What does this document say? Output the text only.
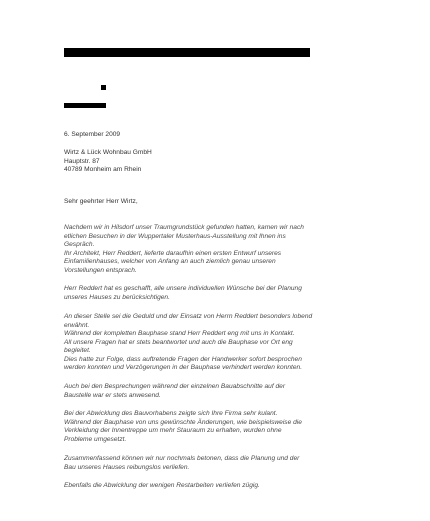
6. September 2009
Wirtz & Lück Wohnbau GmbH
Hauptstr. 87
40789 Monheim am Rhein
Sehr geehrter Herr Wirtz,
Nachdem wir in Hilsdorf unser Traumgrundstück gefunden hatten, kamen wir nach
etlichen Besuchen in der Wuppertaler Musterhaus-Ausstellung mit Ihnen ins
Gespräch.
Ihr Architekt, Herr Reddert, lieferte daraufhin einen ersten Entwurf unseres
Einfamilienhauses, welcher von Anfang an auch ziemlich genau unseren
Vorstellungen entsprach.
Herr Reddert hat es geschafft, alle unsere individuellen Wünsche bei der Planung
unseres Hauses zu berücksichtigen.
An dieser Stelle sei die Geduld und der Einsatz von Herrn Reddert besonders lobend
erwähnt.
Während der kompletten Bauphase stand Herr Reddert eng mit uns in Kontakt.
All unsere Fragen hat er stets beantwortet und auch die Bauphase vor Ort eng
begleitet.
Dies hatte zur Folge, dass auftretende Fragen der Handwerker sofort besprochen
werden konnten und Verzögerungen in der Bauphase verhindert werden konnten.
Auch bei den Besprechungen während der einzelnen Bauabschnitte auf der
Baustelle war er stets anwesend.
Bei der Abwicklung des Bauvorhabens zeigte sich Ihre Firma sehr kulant.
Während der Bauphase von uns gewünschte Änderungen, wie beispielsweise die
Verkleidung der Innentreppe um mehr Stauraum zu erhalten, wurden ohne
Probleme umgesetzt.
Zusammenfassend können wir nur nochmals betonen, dass die Planung und der
Bau unseres Hauses reibungslos verliefen.
Ebenfalls die Abwicklung der wenigen Restarbeiten verliefen zügig.
